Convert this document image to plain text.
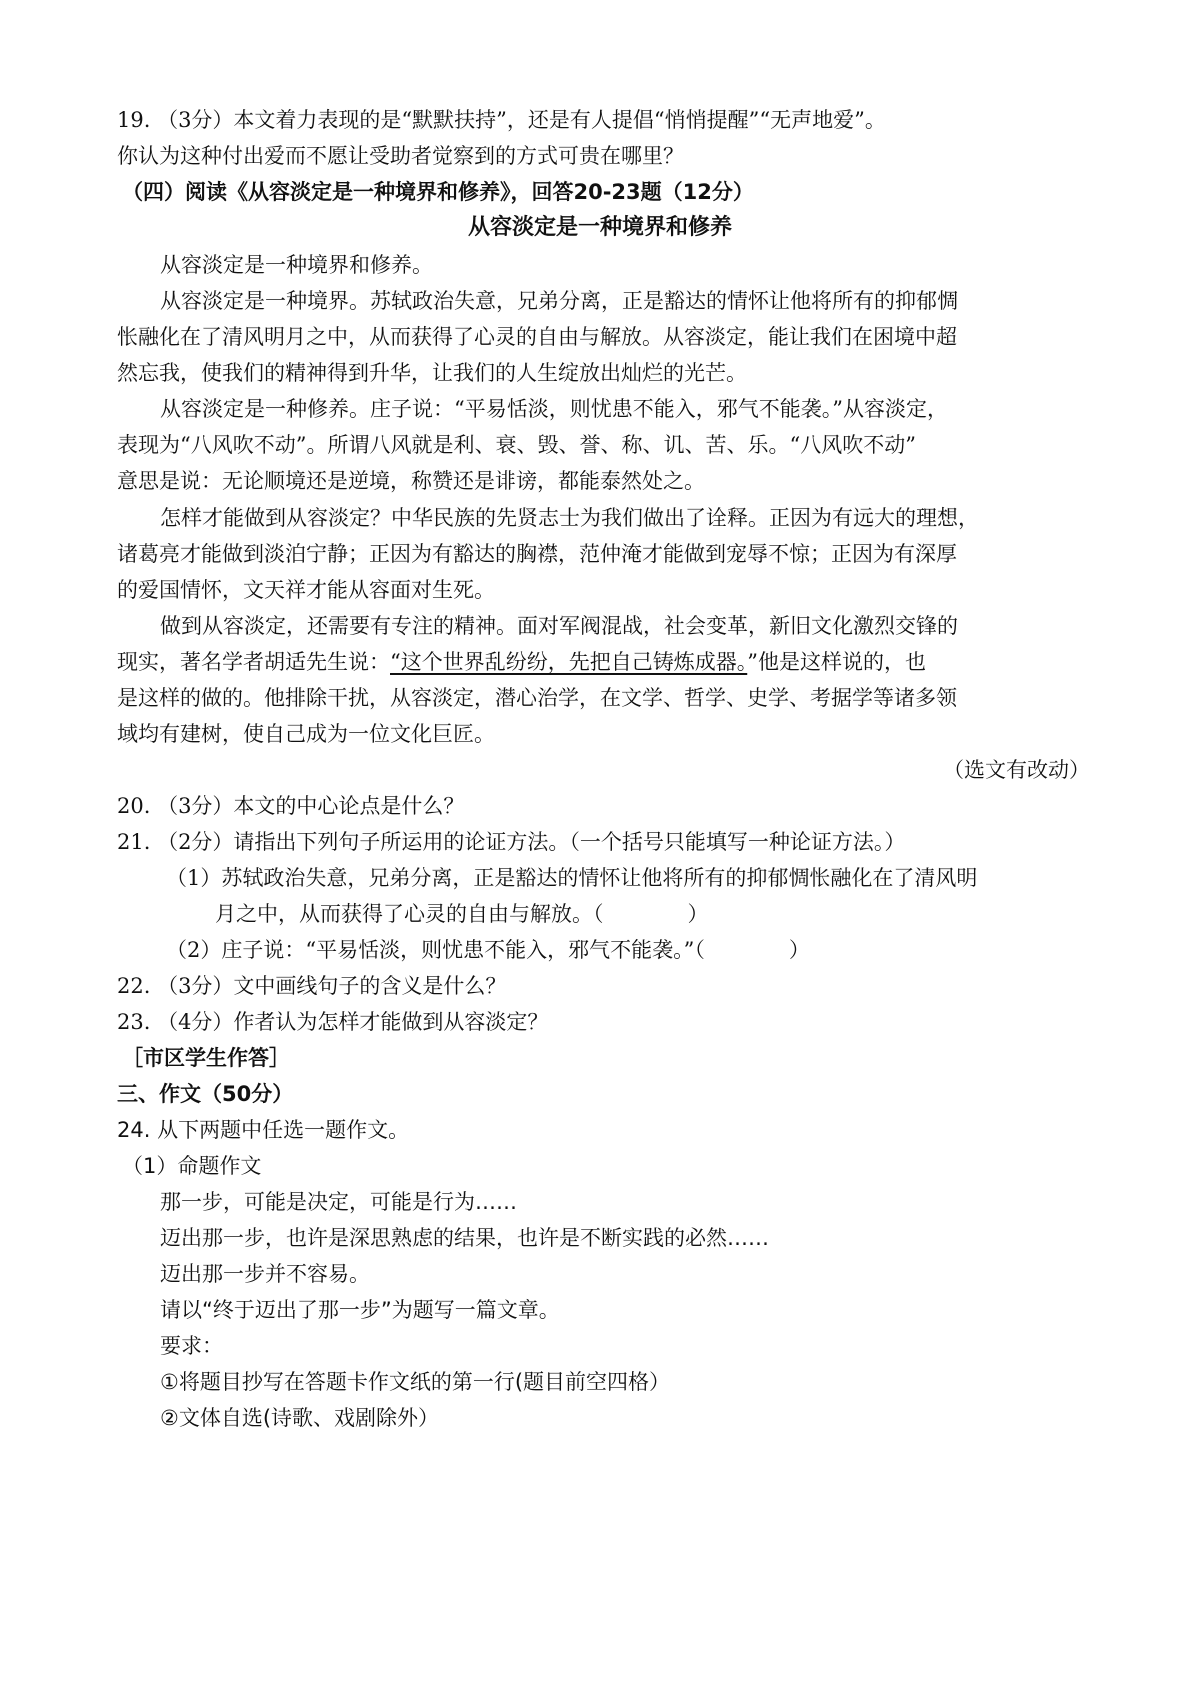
19. （3分）本文着力表现的是“默默扶持”，还是有人提倡“悄悄提醒”“无声地爱”。
你认为这种付出爱而不愿让受助者觉察到的方式可贵在哪里？
（四）阅读《从容淡定是一种境界和修养》，回答20-23题（12分）
从容淡定是一种境界和修养
从容淡定是一种境界和修养。
从容淡定是一种境界。苏轼政治失意，兄弟分离，正是豁达的情怀让他将所有的抑郁惆
怅融化在了清风明月之中，从而获得了心灵的自由与解放。从容淡定，能让我们在困境中超
然忘我，使我们的精神得到升华，让我们的人生绽放出灿烂的光芒。
从容淡定是一种修养。庄子说：“平易恬淡，则忧患不能入，邪气不能袭。”从容淡定，
表现为“八风吹不动”。所谓八风就是利、衰、毁、誉、称、讥、苦、乐。“八风吹不动”
意思是说：无论顺境还是逆境，称赞还是诽谤，都能泰然处之。
怎样才能做到从容淡定？中华民族的先贤志士为我们做出了诠释。正因为有远大的理想，
诸葛亮才能做到淡泊宁静；正因为有豁达的胸襟，范仲淹才能做到宠辱不惊；正因为有深厚
的爱国情怀，文天祥才能从容面对生死。
做到从容淡定，还需要有专注的精神。面对军阀混战，社会变革，新旧文化激烈交锋的
现实，著名学者胡适先生说：“这个世界乱纷纷，先把自己铸炼成器。”他是这样说的，也
是这样的做的。他排除干扰，从容淡定，潜心治学，在文学、哲学、史学、考据学等诸多领
域均有建树，使自己成为一位文化巨匠。
（选文有改动）
20. （3分）本文的中心论点是什么？
21. （2分）请指出下列句子所运用的论证方法。（一个括号只能填写一种论证方法。）
（1）苏轼政治失意，兄弟分离，正是豁达的情怀让他将所有的抑郁惆怅融化在了清风明
月之中，从而获得了心灵的自由与解放。（　　　　）
（2）庄子说：“平易恬淡，则忧患不能入，邪气不能袭。”（　　　　）
22. （3分）文中画线句子的含义是什么？
23. （4分）作者认为怎样才能做到从容淡定？
［市区学生作答］
三、作文（50分）
24. 从下两题中任选一题作文。
（1）命题作文
那一步，可能是决定，可能是行为……
迈出那一步，也许是深思熟虑的结果，也许是不断实践的必然……
迈出那一步并不容易。
请以“终于迈出了那一步”为题写一篇文章。
要求：
①将题目抄写在答题卡作文纸的第一行(题目前空四格）
②文体自选(诗歌、戏剧除外）
